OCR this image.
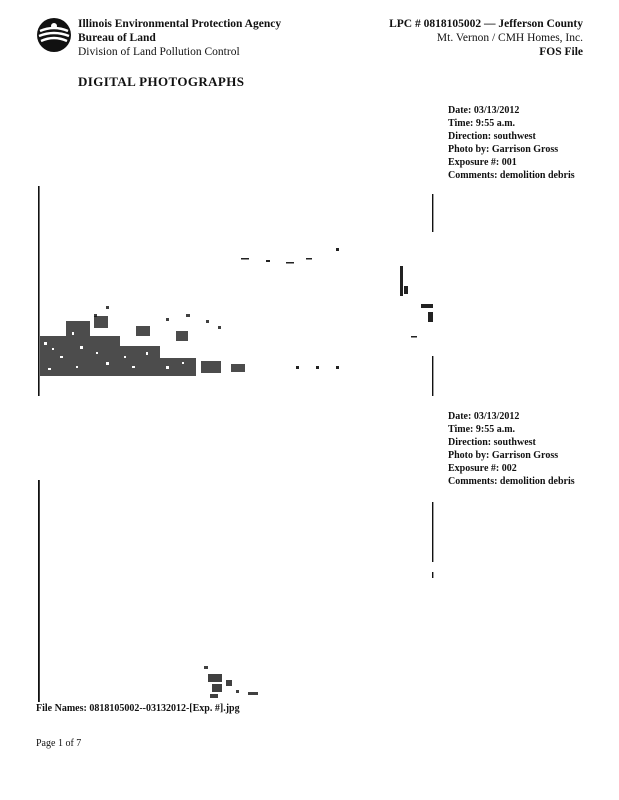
Illinois Environmental Protection Agency
Bureau of Land
Division of Land Pollution Control
LPC # 0818105002 — Jefferson County
Mt. Vernon / CMH Homes, Inc.
FOS File
DIGITAL PHOTOGRAPHS
Date: 03/13/2012
Time: 9:55 a.m.
Direction: southwest
Photo by: Garrison Gross
Exposure #: 001
Comments: demolition debris
Date: 03/13/2012
Time: 9:55 a.m.
Direction: southwest
Photo by: Garrison Gross
Exposure #: 002
Comments: demolition debris
File Names: 0818105002--03132012-[Exp. #].jpg
Page 1 of 7
